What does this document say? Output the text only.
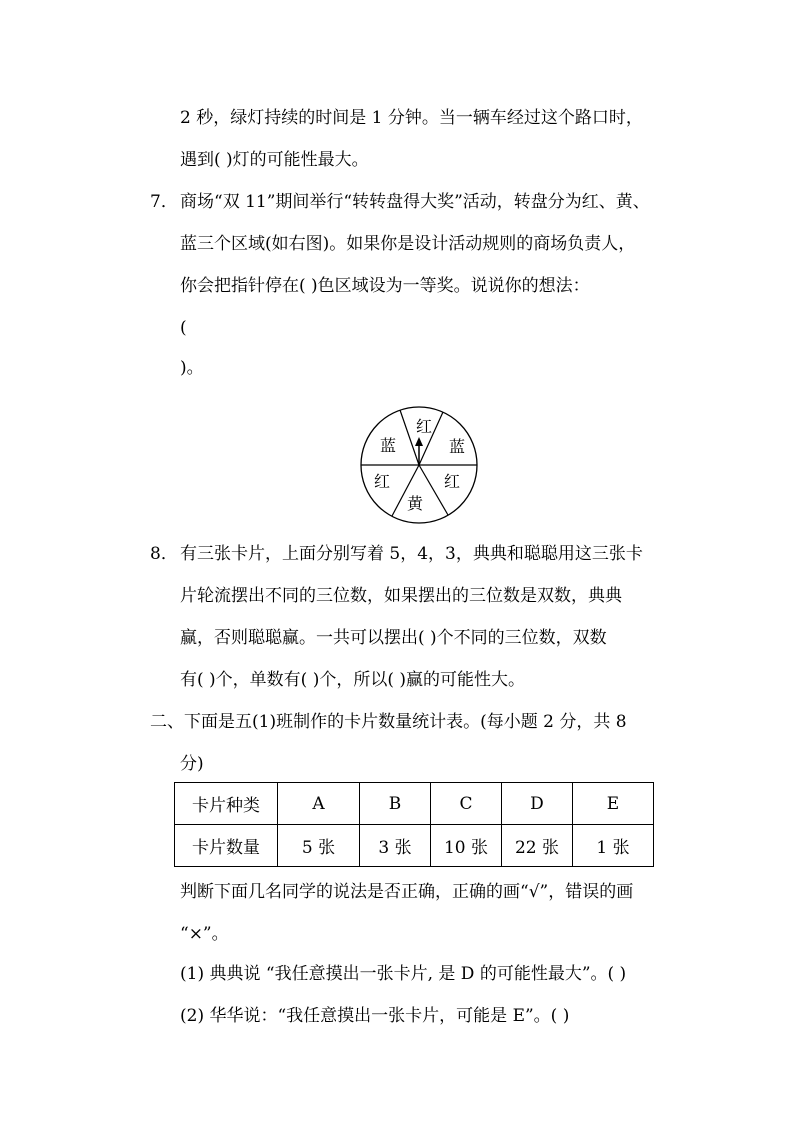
2 秒，绿灯持续的时间是 1 分钟。当一辆车经过这个路口时，
遇到( )灯的可能性最大。
7． 商场“双 11”期间举行“转转盘得大奖”活动，转盘分为红、黄、
蓝三个区域(如右图)。如果你是设计活动规则的商场负责人，
你会把指针停在( )色区域设为一等奖。说说你的想法：
(
)。
红
蓝	蓝
红
黄
红
8． 有三张卡片，上面分别写着 5，4，3，典典和聪聪用这三张卡
片轮流摆出不同的三位数，如果摆出的三位数是双数，典典
赢，否则聪聪赢。一共可以摆出( )个不同的三位数，双数
有( )个，单数有( )个，所以( )赢的可能性大。
二、下面是五(1)班制作的卡片数量统计表。(每小题 2 分，共 8
分)
卡片种类	A	B	C	D	E
卡片数量	5 张	3 张	10 张	22 张	1 张
判断下面几名同学的说法是否正确，正确的画“√”，错误的画
“×”。
(1) 典典说 “我任意摸出一张卡片, 是 D 的可能性最大”。( )
(2) 华华说：“我任意摸出一张卡片，可能是 E”。( )
